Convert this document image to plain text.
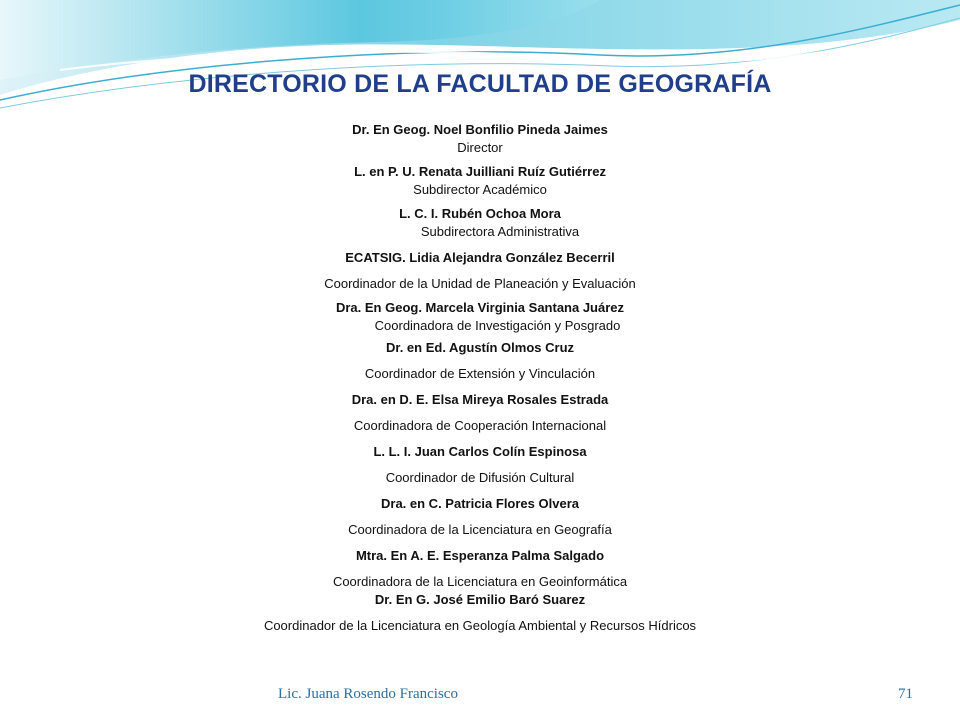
DIRECTORIO DE LA FACULTAD DE GEOGRAFÍA
Dr. En Geog. Noel Bonfilio Pineda Jaimes
Director
L. en P. U. Renata Juilliani Ruíz Gutiérrez
Subdirector Académico
L. C. I. Rubén Ochoa Mora
Subdirectora Administrativa
ECATSIG. Lidia Alejandra González Becerril
Coordinador de la Unidad de Planeación y Evaluación
Dra. En Geog. Marcela Virginia Santana Juárez
Coordinadora de Investigación y Posgrado
Dr. en Ed. Agustín Olmos Cruz
Coordinador de Extensión y Vinculación
Dra. en D. E. Elsa Mireya Rosales Estrada
Coordinadora de Cooperación Internacional
L. L. I. Juan Carlos Colín Espinosa
Coordinador de Difusión Cultural
Dra. en C. Patricia Flores Olvera
Coordinadora de la Licenciatura en Geografía
Mtra. En A. E. Esperanza Palma Salgado
Coordinadora de la Licenciatura en Geoinformática
Dr. En G. José Emilio Baró Suarez
Coordinador de la Licenciatura en Geología Ambiental y Recursos Hídricos
Lic. Juana Rosendo Francisco	71
